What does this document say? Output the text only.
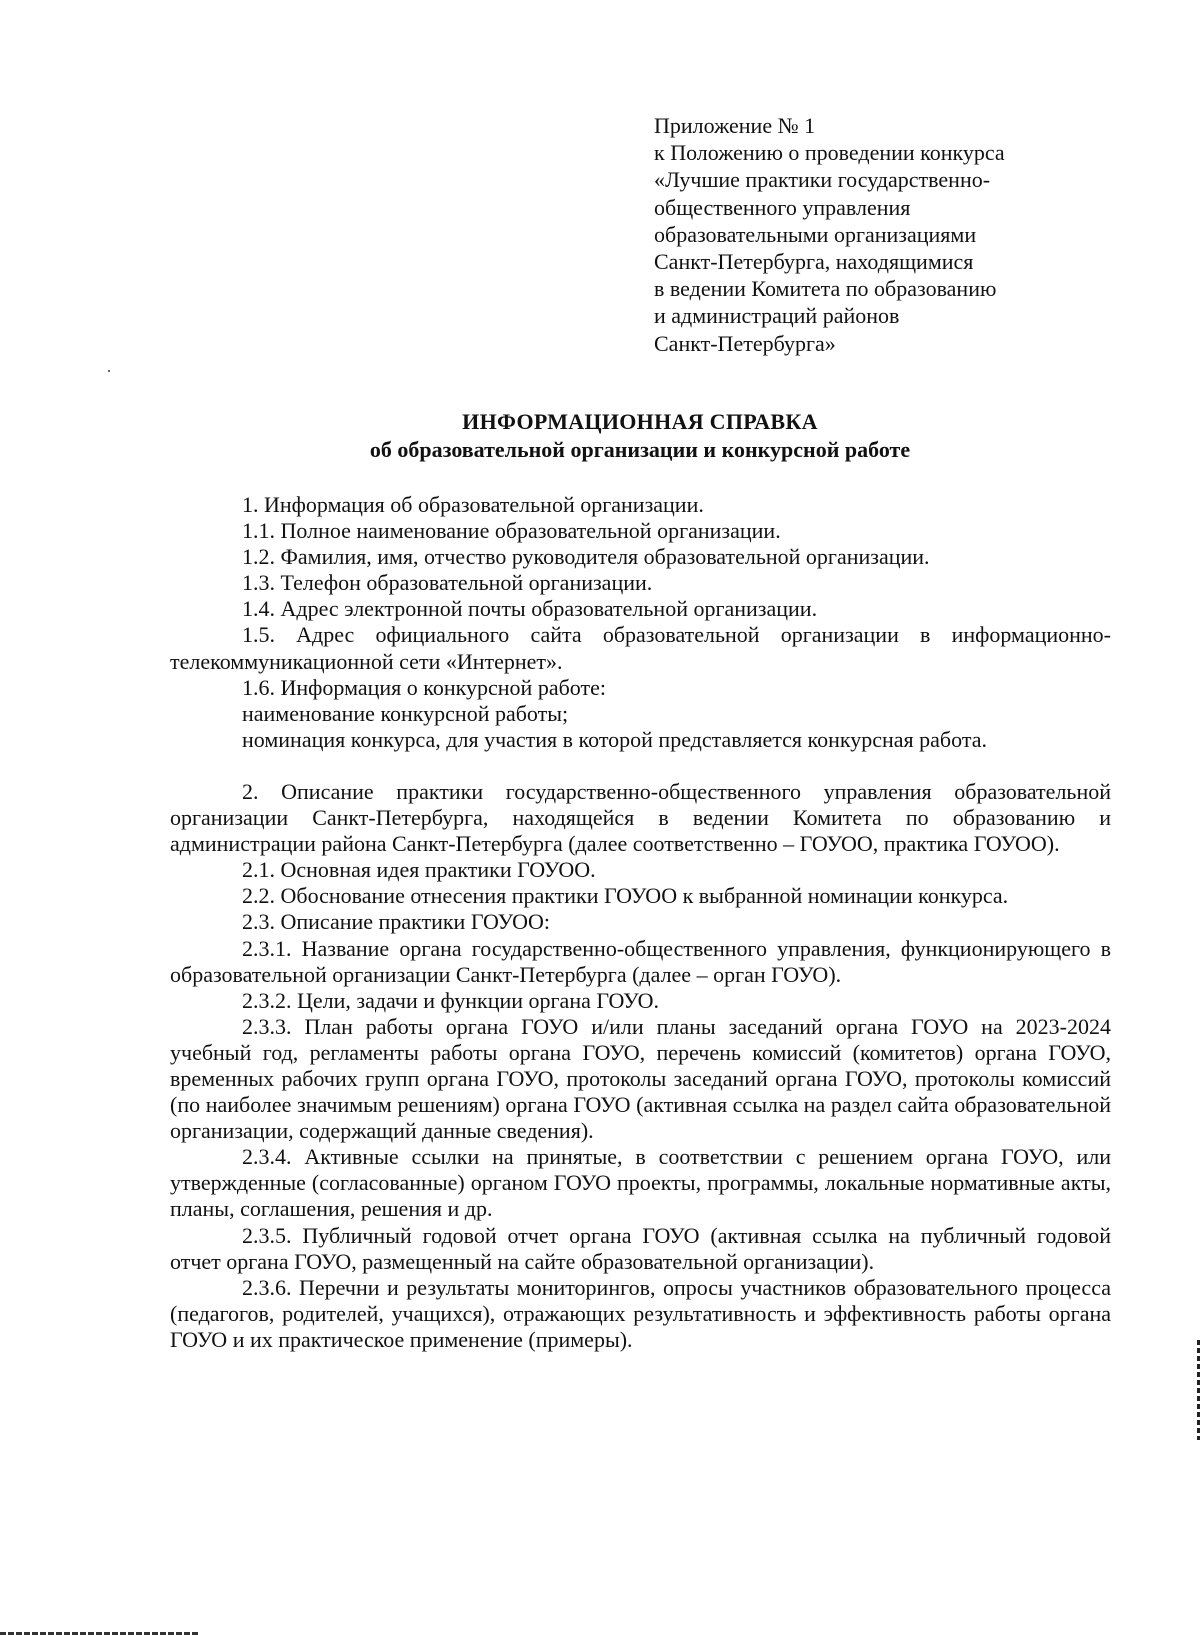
Приложение № 1
к Положению о проведении конкурса
«Лучшие практики государственно-
общественного управления
образовательными организациями
Санкт-Петербурга, находящимися
в ведении Комитета по образованию
и администраций районов
Санкт-Петербурга»
ИНФОРМАЦИОННАЯ СПРАВКА
об образовательной организации и конкурсной работе

1. Информация об образовательной организации.

1.1. Полное наименование образовательной организации.

1.2. Фамилия, имя, отчество руководителя образовательной организации.

1.3. Телефон образовательной организации.

1.4. Адрес электронной почты образовательной организации.

1.5. Адрес официального сайта образовательной организации в информационно-телекоммуникационной сети «Интернет».

1.6. Информация о конкурсной работе:

наименование конкурсной работы;

номинация конкурса, для участия в которой представляется конкурсная работа.

2. Описание практики государственно-общественного управления образовательной организации Санкт-Петербурга, находящейся в ведении Комитета по образованию и администрации района Санкт-Петербурга (далее соответственно – ГОУОО, практика ГОУОО).

2.1. Основная идея практики ГОУОО.

2.2. Обоснование отнесения практики ГОУОО к выбранной номинации конкурса.

2.3. Описание практики ГОУОО:

2.3.1. Название органа государственно-общественного управления, функционирующего в образовательной организации Санкт-Петербурга (далее – орган ГОУО).

2.3.2. Цели, задачи и функции органа ГОУО.

2.3.3. План работы органа ГОУО и/или планы заседаний органа ГОУО на 2023-2024 учебный год, регламенты работы органа ГОУО, перечень комиссий (комитетов) органа ГОУО, временных рабочих групп органа ГОУО, протоколы заседаний органа ГОУО, протоколы комиссий (по наиболее значимым решениям) органа ГОУО (активная ссылка на раздел сайта образовательной организации, содержащий данные сведения).

2.3.4. Активные ссылки на принятые, в соответствии с решением органа ГОУО, или утвержденные (согласованные) органом ГОУО проекты, программы, локальные нормативные акты, планы, соглашения, решения и др.

2.3.5. Публичный годовой отчет органа ГОУО (активная ссылка на публичный годовой отчет органа ГОУО, размещенный на сайте образовательной организации).

2.3.6. Перечни и результаты мониторингов, опросы участников образовательного процесса (педагогов, родителей, учащихся), отражающих результативность и эффективность работы органа ГОУО и их практическое применение (примеры).
